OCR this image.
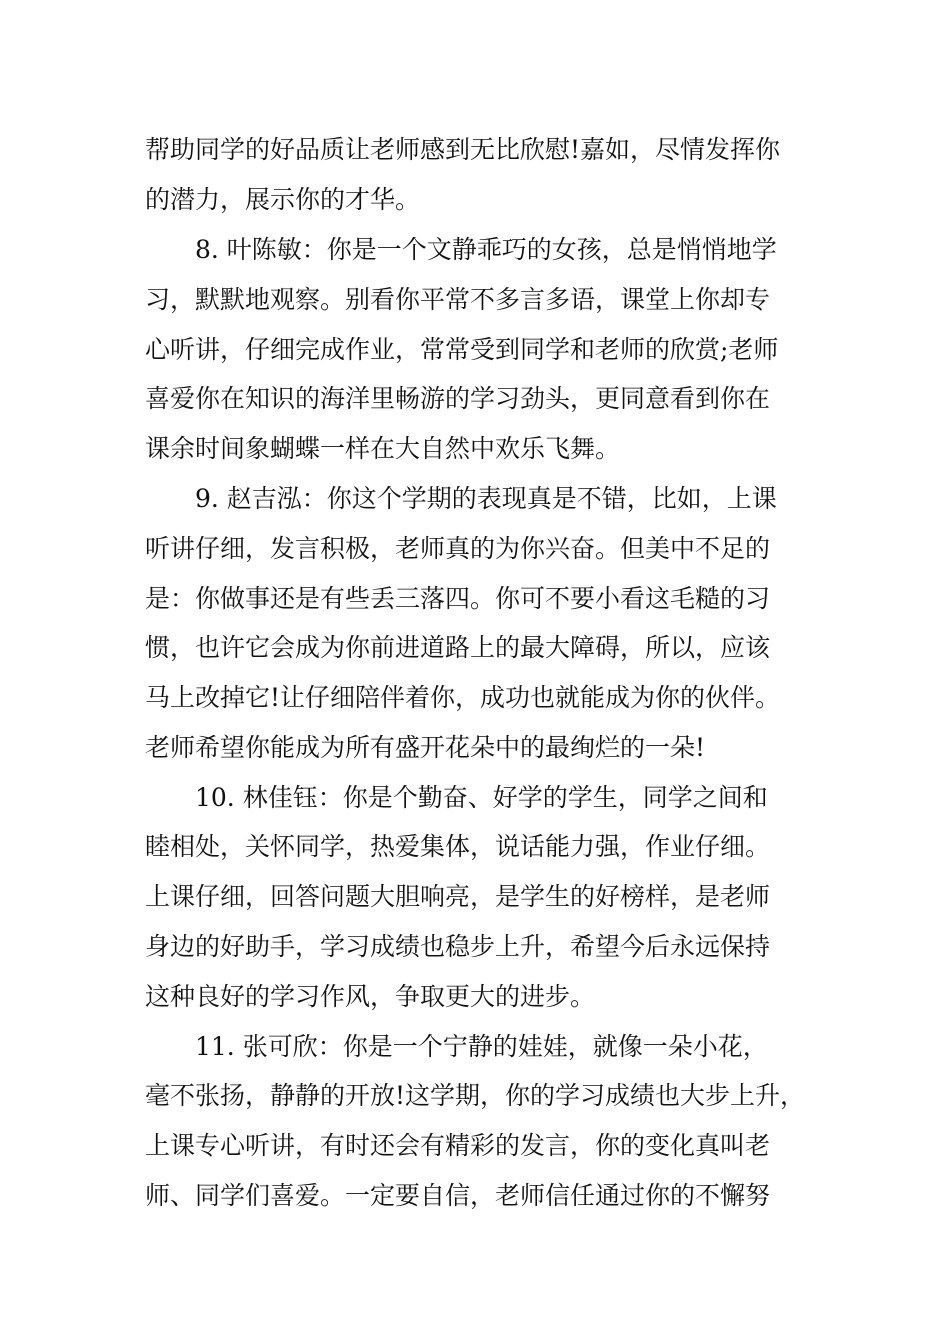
帮助同学的好品质让老师感到无比欣慰!嘉如，尽情发挥你
的潜力，展示你的才华。
8. 叶陈敏：你是一个文静乖巧的女孩，总是悄悄地学
习，默默地观察。别看你平常不多言多语，课堂上你却专
心听讲，仔细完成作业，常常受到同学和老师的欣赏;老师
喜爱你在知识的海洋里畅游的学习劲头，更同意看到你在
课余时间象蝴蝶一样在大自然中欢乐飞舞。
9. 赵吉泓：你这个学期的表现真是不错，比如，上课
听讲仔细，发言积极，老师真的为你兴奋。但美中不足的
是：你做事还是有些丢三落四。你可不要小看这毛糙的习
惯，也许它会成为你前进道路上的最大障碍，所以，应该
马上改掉它!让仔细陪伴着你，成功也就能成为你的伙伴。
老师希望你能成为所有盛开花朵中的最绚烂的一朵!
10. 林佳钰：你是个勤奋、好学的学生，同学之间和
睦相处，关怀同学，热爱集体，说话能力强，作业仔细。
上课仔细，回答问题大胆响亮，是学生的好榜样，是老师
身边的好助手，学习成绩也稳步上升，希望今后永远保持
这种良好的学习作风，争取更大的进步。
11. 张可欣：你是一个宁静的娃娃，就像一朵小花，
毫不张扬，静静的开放!这学期，你的学习成绩也大步上升，
上课专心听讲，有时还会有精彩的发言，你的变化真叫老
师、同学们喜爱。一定要自信，老师信任通过你的不懈努
